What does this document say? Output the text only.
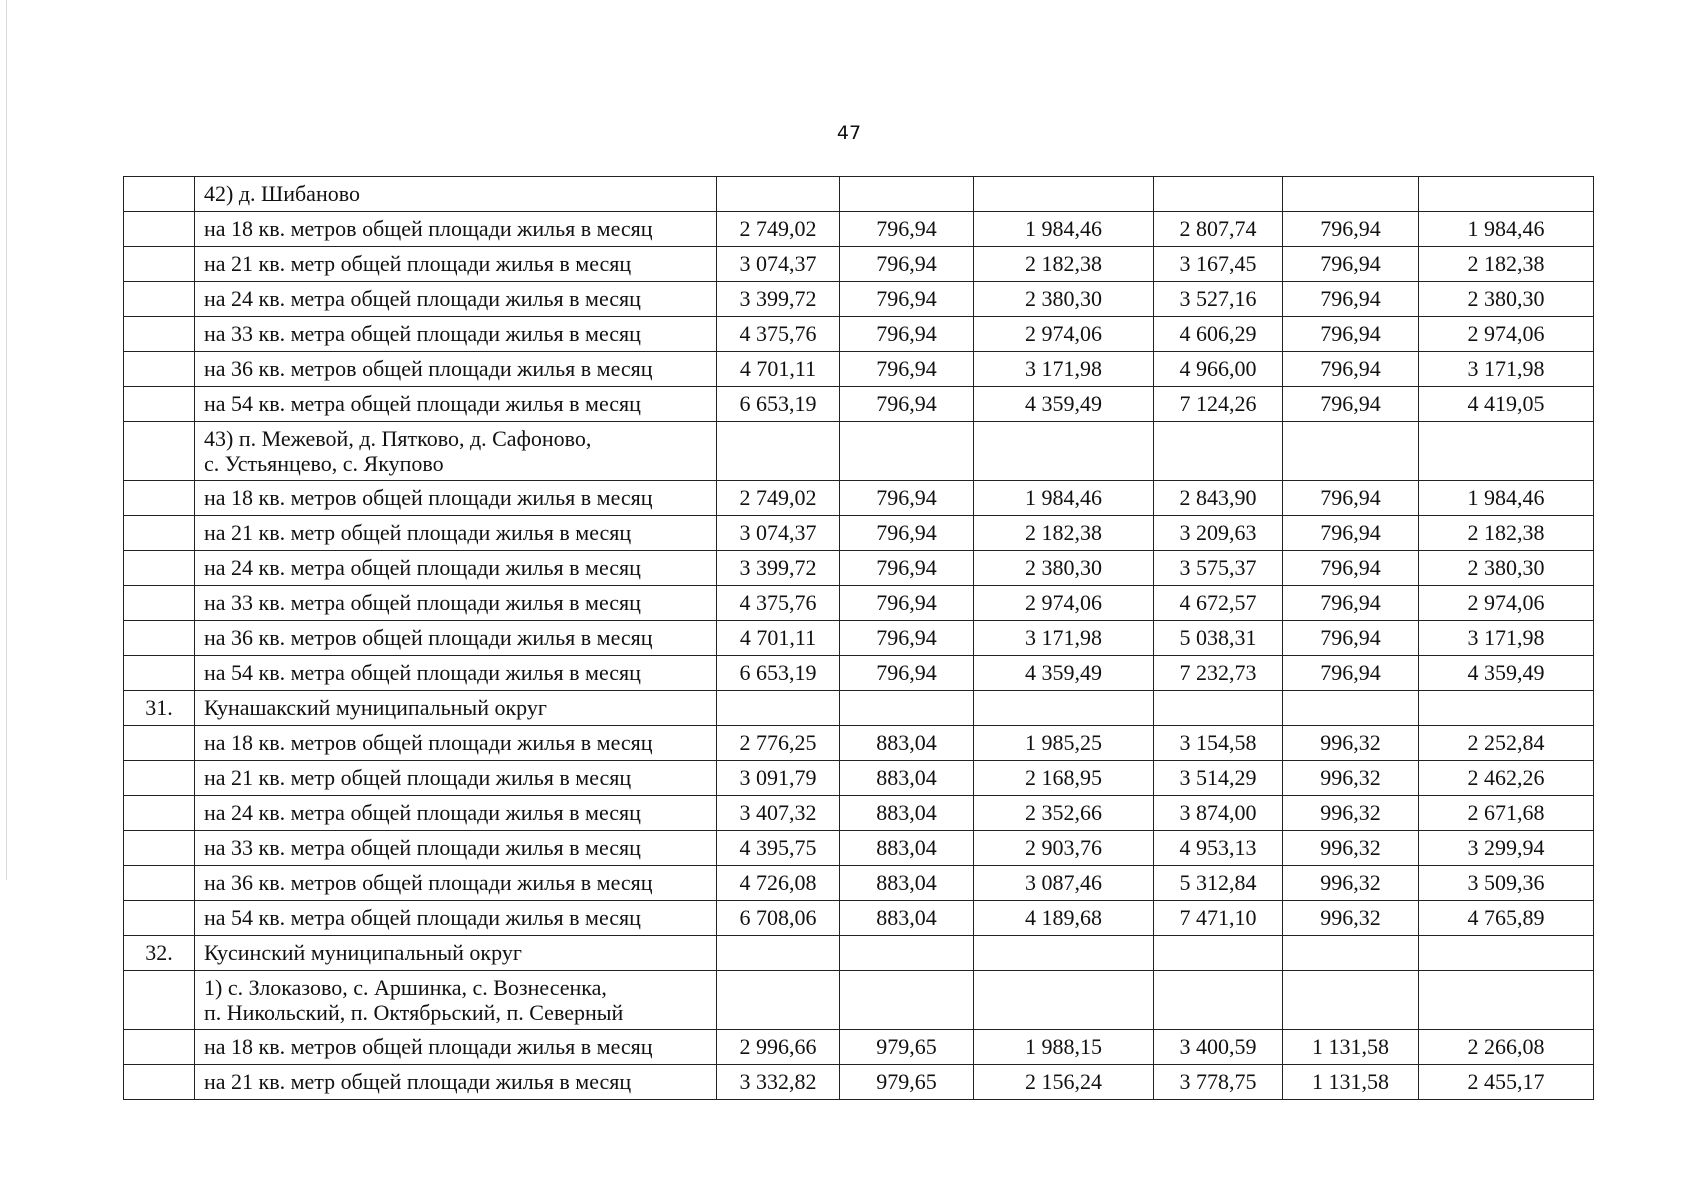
47
	42) д. Шибаново						
	на 18 кв. метров общей площади жилья в месяц	2 749,02	796,94	1 984,46	2 807,74	796,94	1 984,46
	на 21 кв. метр общей площади жилья в месяц	3 074,37	796,94	2 182,38	3 167,45	796,94	2 182,38
	на 24 кв. метра общей площади жилья в месяц	3 399,72	796,94	2 380,30	3 527,16	796,94	2 380,30
	на 33 кв. метра общей площади жилья в месяц	4 375,76	796,94	2 974,06	4 606,29	796,94	2 974,06
	на 36 кв. метров общей площади жилья в месяц	4 701,11	796,94	3 171,98	4 966,00	796,94	3 171,98
	на 54 кв. метра общей площади жилья в месяц	6 653,19	796,94	4 359,49	7 124,26	796,94	4 419,05
	43) п. Межевой, д. Пятково, д. Сафоново,
с. Устьянцево, с. Якупово						
	на 18 кв. метров общей площади жилья в месяц	2 749,02	796,94	1 984,46	2 843,90	796,94	1 984,46
	на 21 кв. метр общей площади жилья в месяц	3 074,37	796,94	2 182,38	3 209,63	796,94	2 182,38
	на 24 кв. метра общей площади жилья в месяц	3 399,72	796,94	2 380,30	3 575,37	796,94	2 380,30
	на 33 кв. метра общей площади жилья в месяц	4 375,76	796,94	2 974,06	4 672,57	796,94	2 974,06
	на 36 кв. метров общей площади жилья в месяц	4 701,11	796,94	3 171,98	5 038,31	796,94	3 171,98
	на 54 кв. метра общей площади жилья в месяц	6 653,19	796,94	4 359,49	7 232,73	796,94	4 359,49
31.	Кунашакский муниципальный округ						
	на 18 кв. метров общей площади жилья в месяц	2 776,25	883,04	1 985,25	3 154,58	996,32	2 252,84
	на 21 кв. метр общей площади жилья в месяц	3 091,79	883,04	2 168,95	3 514,29	996,32	2 462,26
	на 24 кв. метра общей площади жилья в месяц	3 407,32	883,04	2 352,66	3 874,00	996,32	2 671,68
	на 33 кв. метра общей площади жилья в месяц	4 395,75	883,04	2 903,76	4 953,13	996,32	3 299,94
	на 36 кв. метров общей площади жилья в месяц	4 726,08	883,04	3 087,46	5 312,84	996,32	3 509,36
	на 54 кв. метра общей площади жилья в месяц	6 708,06	883,04	4 189,68	7 471,10	996,32	4 765,89
32.	Кусинский муниципальный округ						
	1) с. Злоказово, с. Аршинка, с. Вознесенка,
п. Никольский, п. Октябрьский, п. Северный						
	на 18 кв. метров общей площади жилья в месяц	2 996,66	979,65	1 988,15	3 400,59	1 131,58	2 266,08
	на 21 кв. метр общей площади жилья в месяц	3 332,82	979,65	2 156,24	3 778,75	1 131,58	2 455,17
